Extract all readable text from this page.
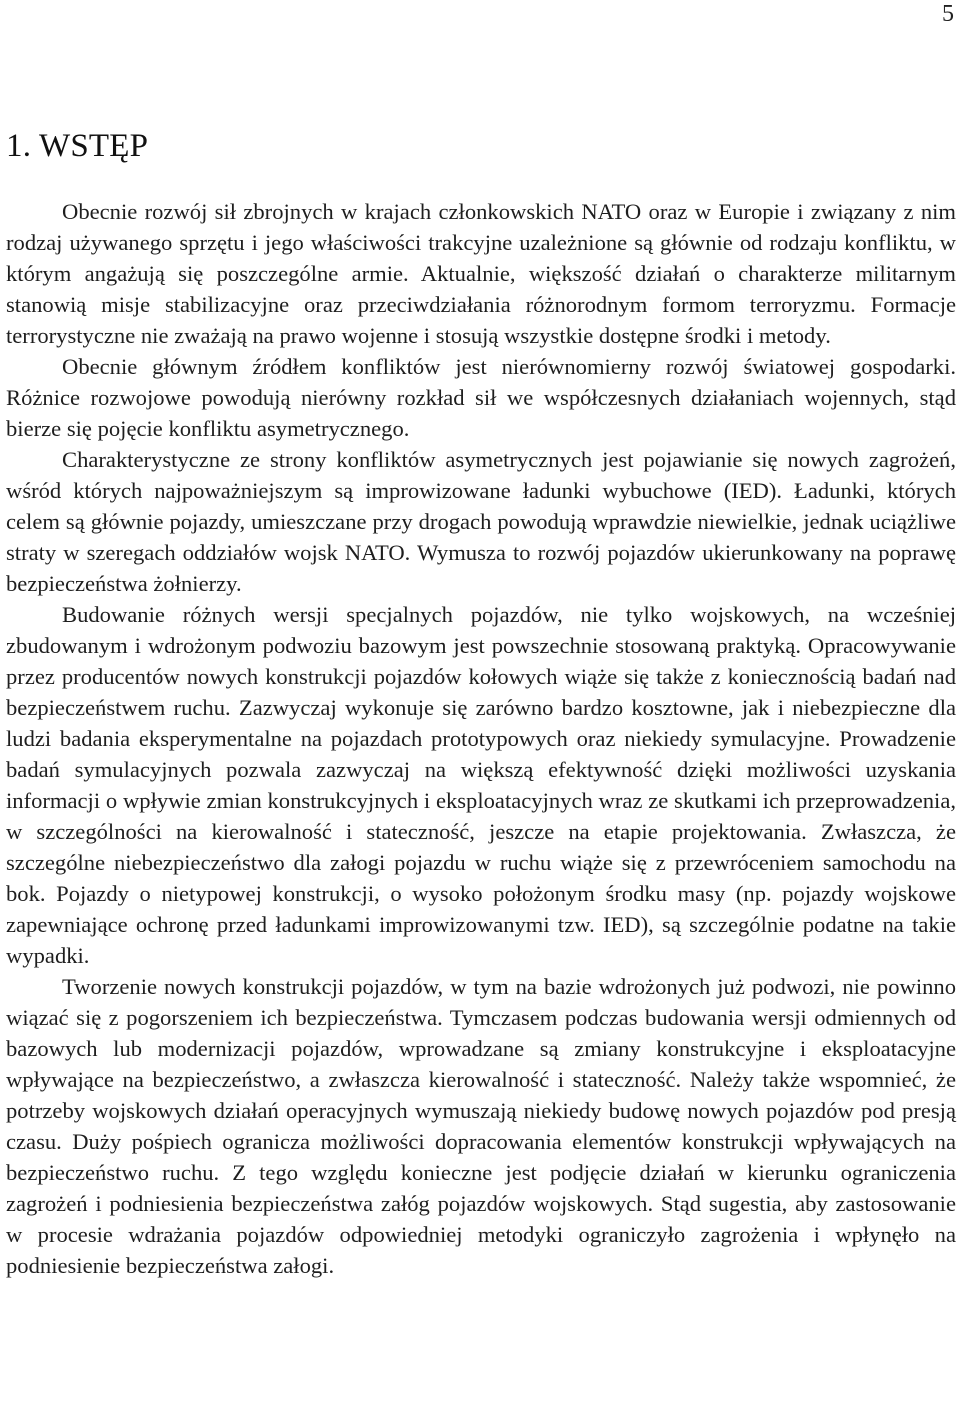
5
1. WSTĘP

Obecnie rozwój sił zbrojnych w krajach członkowskich NATO oraz w Europie i związany z nim rodzaj używanego sprzętu i jego właściwości trakcyjne uzależnione są głównie od rodzaju konfliktu, w którym angażują się poszczególne armie. Aktualnie, większość działań o charakterze militarnym stanowią misje stabilizacyjne oraz przeciwdziałania różnorodnym formom terroryzmu. Formacje terrorystyczne nie zważają na prawo wojenne i stosują wszystkie dostępne środki i metody.

Obecnie głównym źródłem konfliktów jest nierównomierny rozwój światowej gospodarki. Różnice rozwojowe powodują nierówny rozkład sił we współczesnych działaniach wojennych, stąd bierze się pojęcie konfliktu asymetrycznego.

Charakterystyczne ze strony konfliktów asymetrycznych jest pojawianie się nowych zagrożeń, wśród których najpoważniejszym są improwizowane ładunki wybuchowe (IED). Ładunki, których celem są głównie pojazdy, umieszczane przy drogach powodują wprawdzie niewielkie, jednak uciążliwe straty w szeregach oddziałów wojsk NATO. Wymusza to rozwój pojazdów ukierunkowany na poprawę bezpieczeństwa żołnierzy.

Budowanie różnych wersji specjalnych pojazdów, nie tylko wojskowych, na wcześniej zbudowanym i wdrożonym podwoziu bazowym jest powszechnie stosowaną praktyką. Opracowywanie przez producentów nowych konstrukcji pojazdów kołowych wiąże się także z koniecznością badań nad bezpieczeństwem ruchu. Zazwyczaj wykonuje się zarówno bardzo kosztowne, jak i niebezpieczne dla ludzi badania eksperymentalne na pojazdach prototypowych oraz niekiedy symulacyjne. Prowadzenie badań symulacyjnych pozwala zazwyczaj na większą efektywność dzięki możliwości uzyskania informacji o wpływie zmian konstrukcyjnych i eksploatacyjnych wraz ze skutkami ich przeprowadzenia, w szczególności na kierowalność i stateczność, jeszcze na etapie projektowania. Zwłaszcza, że szczególne niebezpieczeństwo dla załogi pojazdu w ruchu wiąże się z przewróceniem samochodu na bok. Pojazdy o nietypowej konstrukcji, o wysoko położonym środku masy (np. pojazdy wojskowe zapewniające ochronę przed ładunkami improwizowanymi tzw. IED), są szczególnie podatne na takie wypadki.

Tworzenie nowych konstrukcji pojazdów, w tym na bazie wdrożonych już podwozi, nie powinno wiązać się z pogorszeniem ich bezpieczeństwa. Tymczasem podczas budowania wersji odmiennych od bazowych lub modernizacji pojazdów, wprowadzane są zmiany konstrukcyjne i eksploatacyjne wpływające na bezpieczeństwo, a zwłaszcza kierowalność i stateczność. Należy także wspomnieć, że potrzeby wojskowych działań operacyjnych wymuszają niekiedy budowę nowych pojazdów pod presją czasu. Duży pośpiech ogranicza możliwości dopracowania elementów konstrukcji wpływających na bezpieczeństwo ruchu. Z tego względu konieczne jest podjęcie działań w kierunku ograniczenia zagrożeń i podniesienia bezpieczeństwa załóg pojazdów wojskowych. Stąd sugestia, aby zastosowanie w procesie wdrażania pojazdów odpowiedniej metodyki ograniczyło zagrożenia i wpłynęło na podniesienie bezpieczeństwa załogi.
